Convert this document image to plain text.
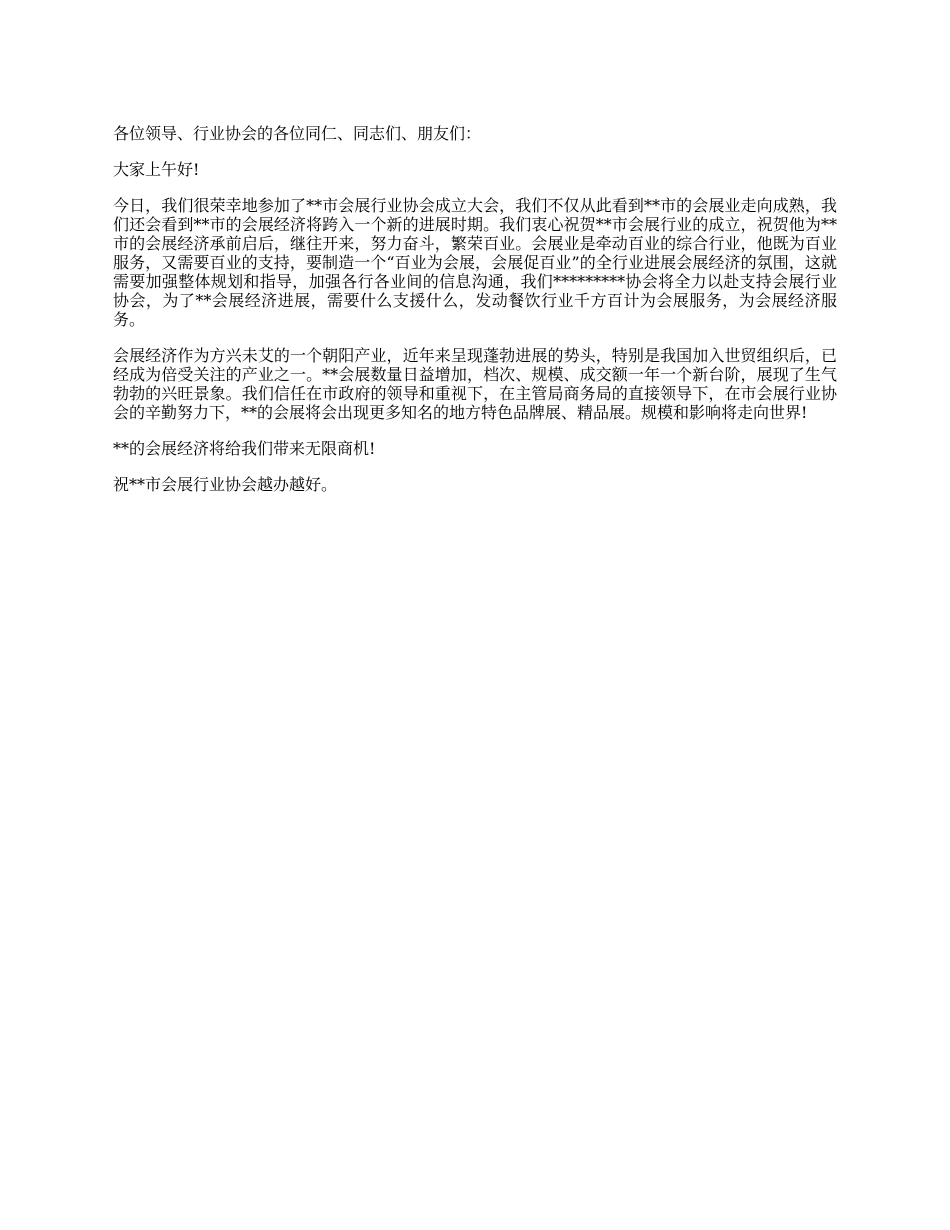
各位领导、行业协会的各位同仁、同志们、朋友们：

大家上午好!

今日，我们很荣幸地参加了**市会展行业协会成立大会，我们不仅从此看到**市的会展业走向成熟，我们还会看到**市的会展经济将跨入一个新的进展时期。我们衷心祝贺**市会展行业的成立，祝贺他为**市的会展经济承前启后，继往开来，努力奋斗，繁荣百业。会展业是牵动百业的综合行业，他既为百业服务，又需要百业的支持，要制造一个“百业为会展，会展促百业”的全行业进展会展经济的氛围，这就需要加强整体规划和指导，加强各行各业间的信息沟通，我们*********协会将全力以赴支持会展行业协会，为了**会展经济进展，需要什么支援什么，发动餐饮行业千方百计为会展服务，为会展经济服务。

会展经济作为方兴未艾的一个朝阳产业，近年来呈现蓬勃进展的势头，特别是我国加入世贸组织后，已经成为倍受关注的产业之一。**会展数量日益增加，档次、规模、成交额一年一个新台阶，展现了生气勃勃的兴旺景象。我们信任在市政府的领导和重视下，在主管局商务局的直接领导下，在市会展行业协会的辛勤努力下，**的会展将会出现更多知名的地方特色品牌展、精品展。规模和影响将走向世界!

**的会展经济将给我们带来无限商机!

祝**市会展行业协会越办越好。
